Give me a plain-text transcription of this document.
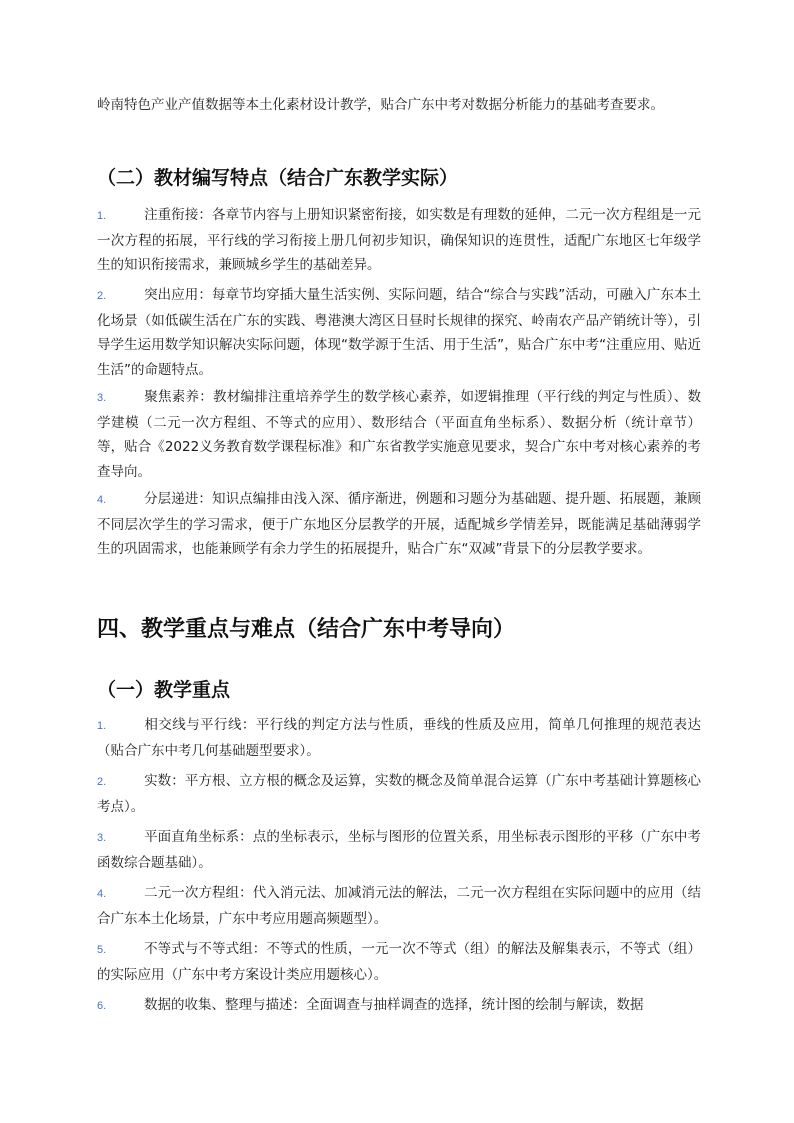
岭南特色产业产值数据等本土化素材设计教学，贴合广东中考对数据分析能力的基础考查要求。
（二）教材编写特点（结合广东教学实际）
1.	注重衔接：各章节内容与上册知识紧密衔接，如实数是有理数的延伸，二元一次方程组是一元一次方程的拓展，平行线的学习衔接上册几何初步知识，确保知识的连贯性，适配广东地区七年级学生的知识衔接需求，兼顾城乡学生的基础差异。
2.	突出应用：每章节均穿插大量生活实例、实际问题，结合“综合与实践”活动，可融入广东本土化场景（如低碳生活在广东的实践、粤港澳大湾区日昼时长规律的探究、岭南农产品产销统计等），引导学生运用数学知识解决实际问题，体现“数学源于生活、用于生活”，贴合广东中考“注重应用、贴近生活”的命题特点。
3.	聚焦素养：教材编排注重培养学生的数学核心素养，如逻辑推理（平行线的判定与性质）、数学建模（二元一次方程组、不等式的应用）、数形结合（平面直角坐标系）、数据分析（统计章节）等，贴合《2022义务教育数学课程标准》和广东省教学实施意见要求，契合广东中考对核心素养的考查导向。
4.	分层递进：知识点编排由浅入深、循序渐进，例题和习题分为基础题、提升题、拓展题，兼顾不同层次学生的学习需求，便于广东地区分层教学的开展，适配城乡学情差异，既能满足基础薄弱学生的巩固需求，也能兼顾学有余力学生的拓展提升，贴合广东“双减”背景下的分层教学要求。
四、教学重点与难点（结合广东中考导向）
（一）教学重点
1.	相交线与平行线：平行线的判定方法与性质，垂线的性质及应用，简单几何推理的规范表达（贴合广东中考几何基础题型要求）。
2.	实数：平方根、立方根的概念及运算，实数的概念及简单混合运算（广东中考基础计算题核心考点）。
3.	平面直角坐标系：点的坐标表示，坐标与图形的位置关系，用坐标表示图形的平移（广东中考函数综合题基础）。
4.	二元一次方程组：代入消元法、加减消元法的解法，二元一次方程组在实际问题中的应用（结合广东本土化场景，广东中考应用题高频题型）。
5.	不等式与不等式组：不等式的性质，一元一次不等式（组）的解法及解集表示，不等式（组）的实际应用（广东中考方案设计类应用题核心）。
6.	数据的收集、整理与描述：全面调查与抽样调查的选择，统计图的绘制与解读，数据
